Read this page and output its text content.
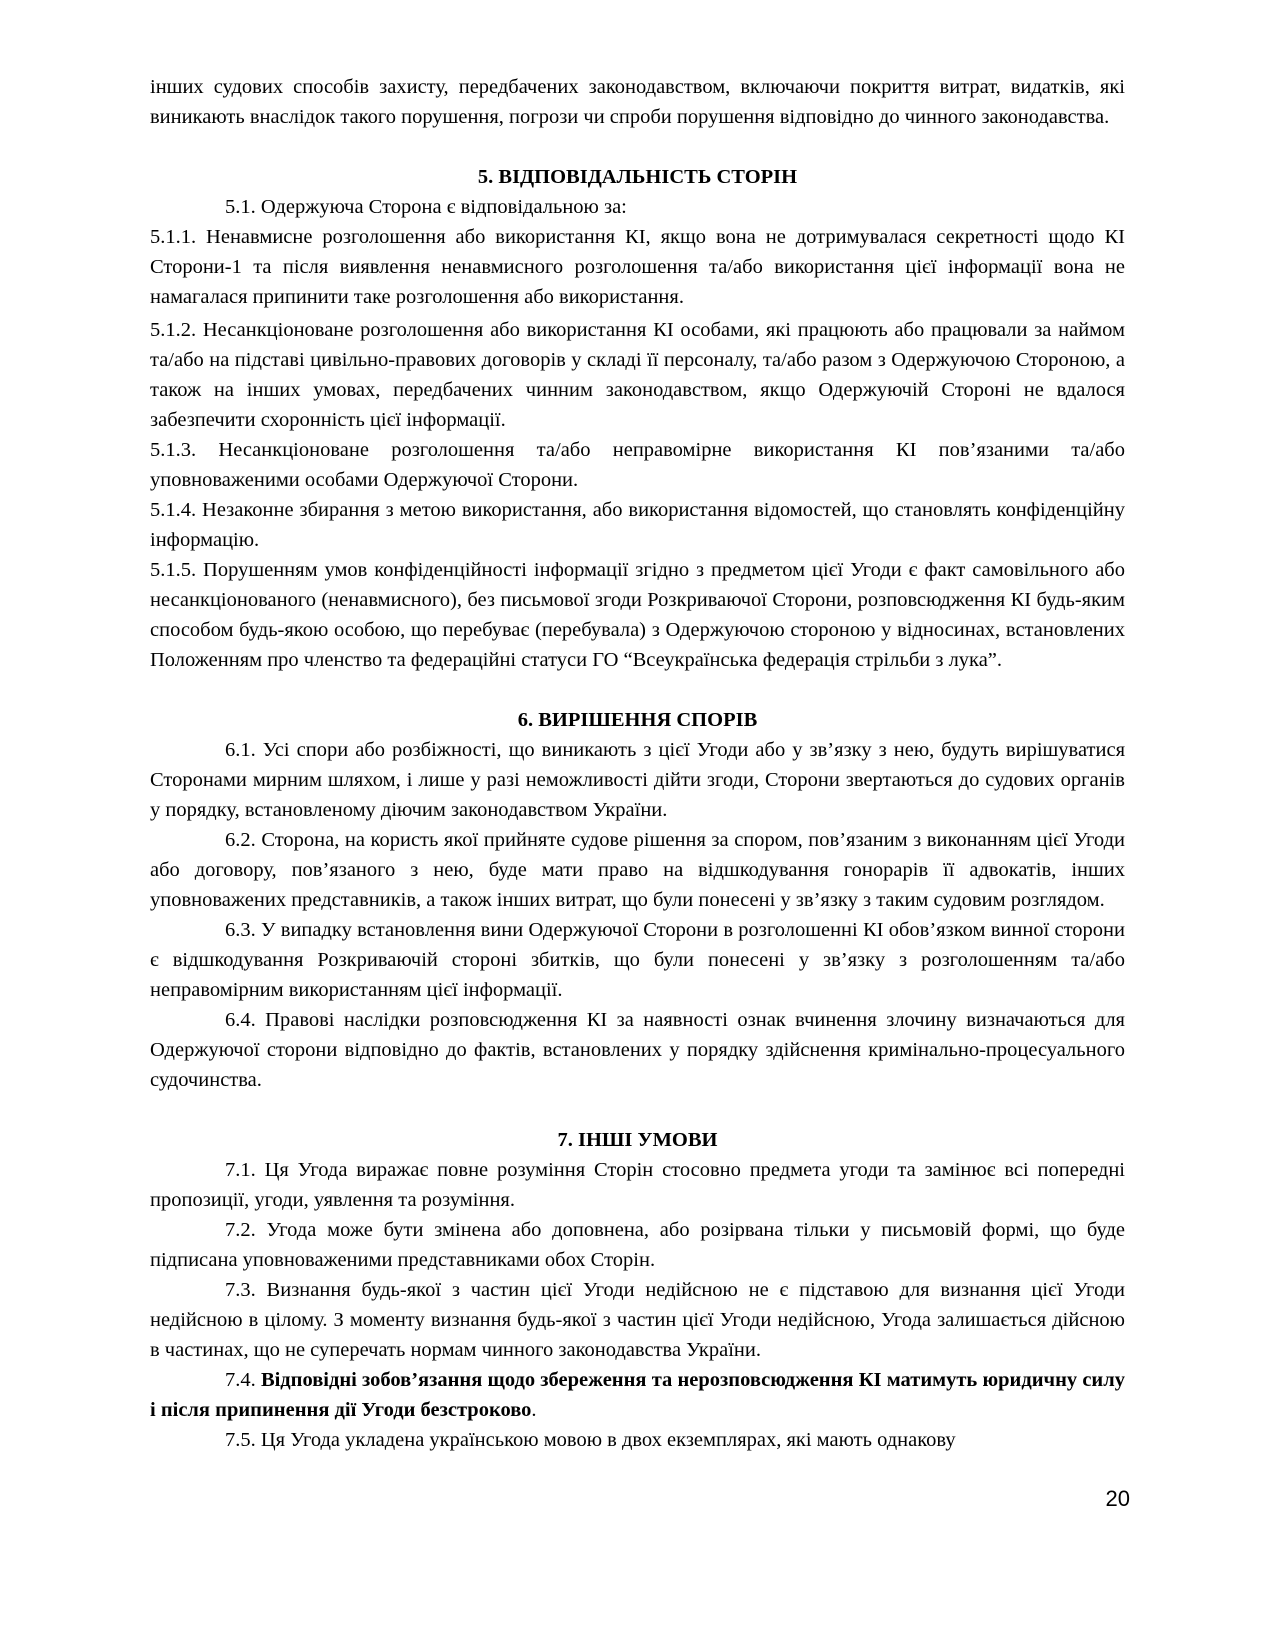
інших судових способів захисту, передбачених законодавством, включаючи покриття витрат, видатків, які виникають внаслідок такого порушення, погрози чи спроби порушення відповідно до чинного законодавства.

5. ВІДПОВІДАЛЬНІСТЬ СТОРІН

5.1. Одержуюча Сторона є відповідальною за:

5.1.1. Ненавмисне розголошення або використання КІ, якщо вона не дотримувалася секретності щодо КІ Сторони-1 та після виявлення ненавмисного розголошення та/або використання цієї інформації вона не намагалася припинити таке розголошення або використання.

5.1.2. Несанкціоноване розголошення або використання КІ особами, які працюють або працювали за наймом та/або на підставі цивільно-правових договорів у складі її персоналу, та/або разом з Одержуючою Стороною, а також на інших умовах, передбачених чинним законодавством, якщо Одержуючій Стороні не вдалося забезпечити схоронність цієї інформації.

5.1.3. Несанкціоноване розголошення та/або неправомірне використання КІ пов’язаними та/або уповноваженими особами Одержуючої Сторони.

5.1.4. Незаконне збирання з метою використання, або використання відомостей, що становлять конфіденційну інформацію.

5.1.5. Порушенням умов конфіденційності інформації згідно з предметом цієї Угоди є факт самовільного або несанкціонованого (ненавмисного), без письмової згоди Розкриваючої Сторони, розповсюдження КІ будь-яким способом будь-якою особою, що перебуває (перебувала) з Одержуючою стороною у відносинах, встановлених Положенням про членство та федераційні статуси ГО “Всеукраїнська федерація стрільби з лука”.

6. ВИРІШЕННЯ СПОРІВ

6.1. Усі спори або розбіжності, що виникають з цієї Угоди або у зв’язку з нею, будуть вирішуватися Сторонами мирним шляхом, і лише у разі неможливості дійти згоди, Сторони звертаються до судових органів у порядку, встановленому діючим законодавством України.

6.2. Сторона, на користь якої прийняте судове рішення за спором, пов’язаним з виконанням цієї Угоди або договору, пов’язаного з нею, буде мати право на відшкодування гонорарів її адвокатів, інших уповноважених представників, а також інших витрат, що були понесені у зв’язку з таким судовим розглядом.

6.3. У випадку встановлення вини Одержуючої Сторони в розголошенні КІ обов’язком винної сторони є відшкодування Розкриваючій стороні збитків, що були понесені у зв’язку з розголошенням та/або неправомірним використанням цієї інформації.

6.4. Правові наслідки розповсюдження КІ за наявності ознак вчинення злочину визначаються для Одержуючої сторони відповідно до фактів, встановлених у порядку здійснення кримінально-процесуального судочинства.

7. ІНШІ УМОВИ

7.1. Ця Угода виражає повне розуміння Сторін стосовно предмета угоди та замінює всі попередні пропозиції, угоди, уявлення та розуміння.

7.2. Угода може бути змінена або доповнена, або розірвана тільки у письмовій формі, що буде підписана уповноваженими представниками обох Сторін.

7.3. Визнання будь-якої з частин цієї Угоди недійсною не є підставою для визнання цієї Угоди недійсною в цілому. З моменту визнання будь-якої з частин цієї Угоди недійсною, Угода залишається дійсною в частинах, що не суперечать нормам чинного законодавства України.

7.4. Відповідні зобов’язання щодо збереження та нерозповсюдження КІ матимуть юридичну силу і після припинення дії Угоди безстроково.

7.5. Ця Угода укладена українською мовою в двох екземплярах, які мають однакову

20
